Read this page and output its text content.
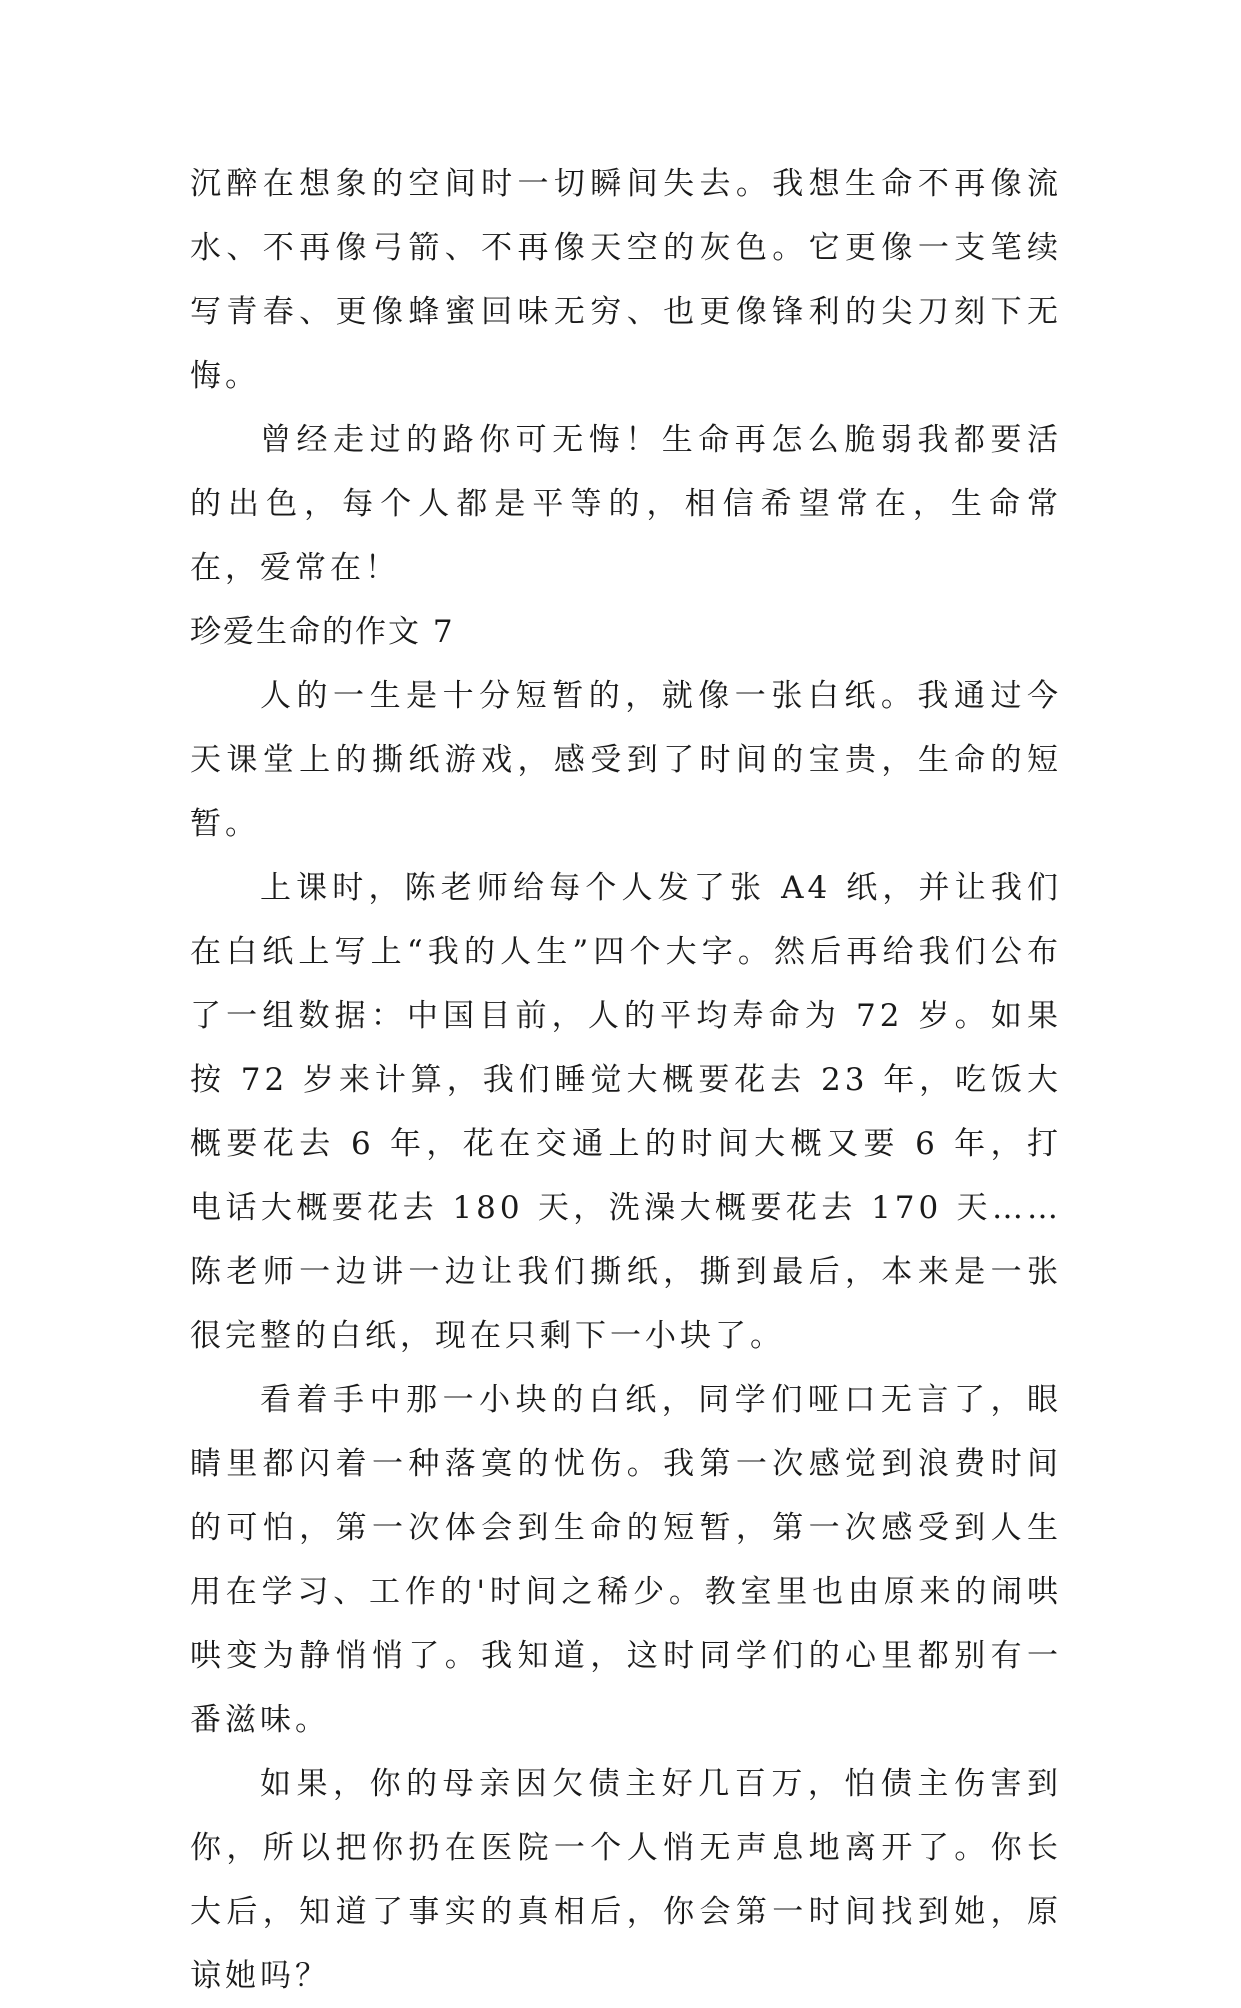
沉醉在想象的空间时一切瞬间失去。我想生命不再像流水、不再像弓箭、不再像天空的灰色。它更像一支笔续写青春、更像蜂蜜回味无穷、也更像锋利的尖刀刻下无悔。

曾经走过的路你可无悔！生命再怎么脆弱我都要活的出色，每个人都是平等的，相信希望常在，生命常在，爱常在！

珍爱生命的作文 7

人的一生是十分短暂的，就像一张白纸。我通过今天课堂上的撕纸游戏，感受到了时间的宝贵，生命的短暂。

上课时，陈老师给每个人发了张 A4 纸，并让我们在白纸上写上“我的人生”四个大字。然后再给我们公布了一组数据：中国目前，人的平均寿命为 72 岁。如果按 72 岁来计算，我们睡觉大概要花去 23 年，吃饭大概要花去 6 年，花在交通上的时间大概又要 6 年，打电话大概要花去 180 天，洗澡大概要花去 170 天……陈老师一边讲一边让我们撕纸，撕到最后，本来是一张很完整的白纸，现在只剩下一小块了。

看着手中那一小块的白纸，同学们哑口无言了，眼睛里都闪着一种落寞的忧伤。我第一次感觉到浪费时间的可怕，第一次体会到生命的短暂，第一次感受到人生用在学习、工作的'时间之稀少。教室里也由原来的闹哄哄变为静悄悄了。我知道，这时同学们的心里都别有一番滋味。

如果，你的母亲因欠债主好几百万，怕债主伤害到你，所以把你扔在医院一个人悄无声息地离开了。你长大后，知道了事实的真相后，你会第一时间找到她，原谅她吗？
